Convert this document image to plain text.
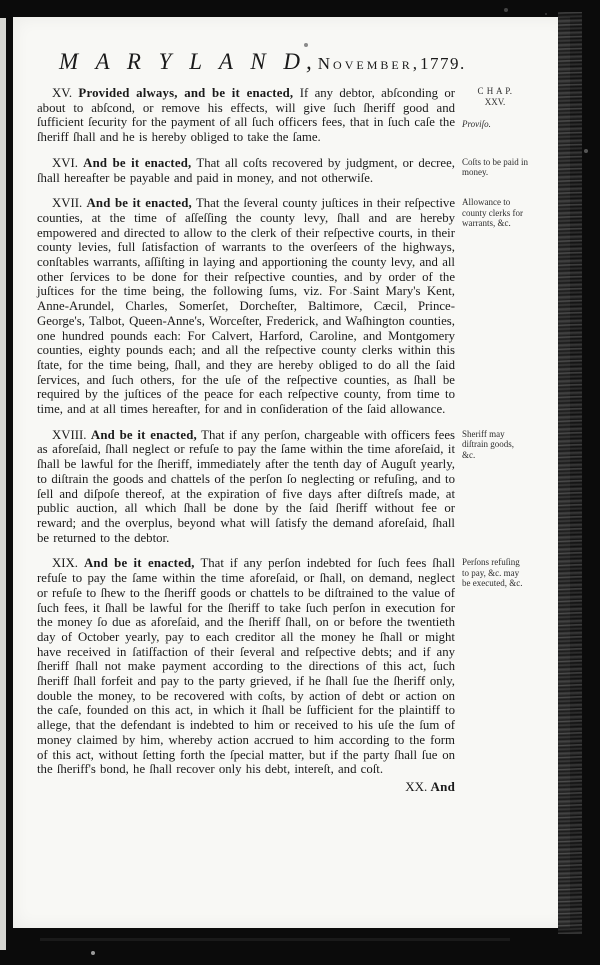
M A R Y L A N D, November, 1779.

XV. Provided always, and be it enacted, If any debtor, abſconding or about to abſcond, or remove his effects, will give ſuch ſheriff good and ſufficient ſecurity for the payment of all ſuch officers fees, that in ſuch caſe the ſheriff ſhall and he is hereby obliged to take the ſame.

C H A P.
XXV.
Proviſo.

XVI. And be it enacted, That all coſts recovered by judgment, or decree, ſhall hereafter be payable and paid in money, and not otherwiſe.

Coſts to be paid in money.

XVII. And be it enacted, That the ſeveral county juſtices in their reſpective counties, at the time of aſſeſſing the county levy, ſhall and are hereby empowered and directed to allow to the clerk of their reſpective courts, in their county levies, full ſatisfaction of warrants to the overſeers of the highways, conſtables warrants, aſſiſting in laying and apportioning the county levy, and all other ſervices to be done for their reſpective counties, and by order of the juſtices for the time being, the following ſums, viz. For Saint Mary's Kent, Anne-Arundel, Charles, Somerſet, Dorcheſter, Baltimore, Cæcil, Prince-George's, Talbot, Queen-Anne's, Worceſter, Frederick, and Waſhington counties, one hundred pounds each: For Calvert, Harford, Caroline, and Montgomery counties, eighty pounds each; and all the reſpective county clerks within this ſtate, for the time being, ſhall, and they are hereby obliged to do all the ſaid ſervices, and ſuch others, for the uſe of the reſpective counties, as ſhall be required by the juſtices of the peace for each reſpective county, from time to time, and at all times hereafter, for and in conſideration of the ſaid allowance.

Allowance to county clerks for warrants, &c.

XVIII. And be it enacted, That if any perſon, chargeable with officers fees as aforeſaid, ſhall neglect or refuſe to pay the ſame within the time aforeſaid, it ſhall be lawful for the ſheriff, immediately after the tenth day of Auguſt yearly, to diſtrain the goods and chattels of the perſon ſo neglecting or refuſing, and to ſell and diſpoſe thereof, at the expiration of five days after diſtreſs made, at public auction, all which ſhall be done by the ſaid ſheriff without fee or reward; and the overplus, beyond what will ſatisfy the demand aforeſaid, ſhall be returned to the debtor.

Sheriff may diſtrain goods, &c.

XIX. And be it enacted, That if any perſon indebted for ſuch fees ſhall refuſe to pay the ſame within the time aforeſaid, or ſhall, on demand, neglect or refuſe to ſhew to the ſheriff goods or chattels to be diſtrained to the value of ſuch fees, it ſhall be lawful for the ſheriff to take ſuch perſon in execution for the money ſo due as aforeſaid, and the ſheriff ſhall, on or before the twentieth day of October yearly, pay to each creditor all the money he ſhall or might have received in ſatiſfaction of their ſeveral and reſpective debts; and if any ſheriff ſhall not make payment according to the directions of this act, ſuch ſheriff ſhall forfeit and pay to the party grieved, if he ſhall ſue the ſheriff only, double the money, to be recovered with coſts, by action of debt or action on the caſe, founded on this act, in which it ſhall be ſufficient for the plaintiff to allege, that the defendant is indebted to him or received to his uſe the ſum of money claimed by him, whereby action accrued to him according to the form of this act, without ſetting forth the ſpecial matter, but if the party ſhall ſue on the ſheriff's bond, he ſhall recover only his debt, intereſt, and coſt.

Perſons refuſing to pay, &c. may be executed, &c.
XX. And
